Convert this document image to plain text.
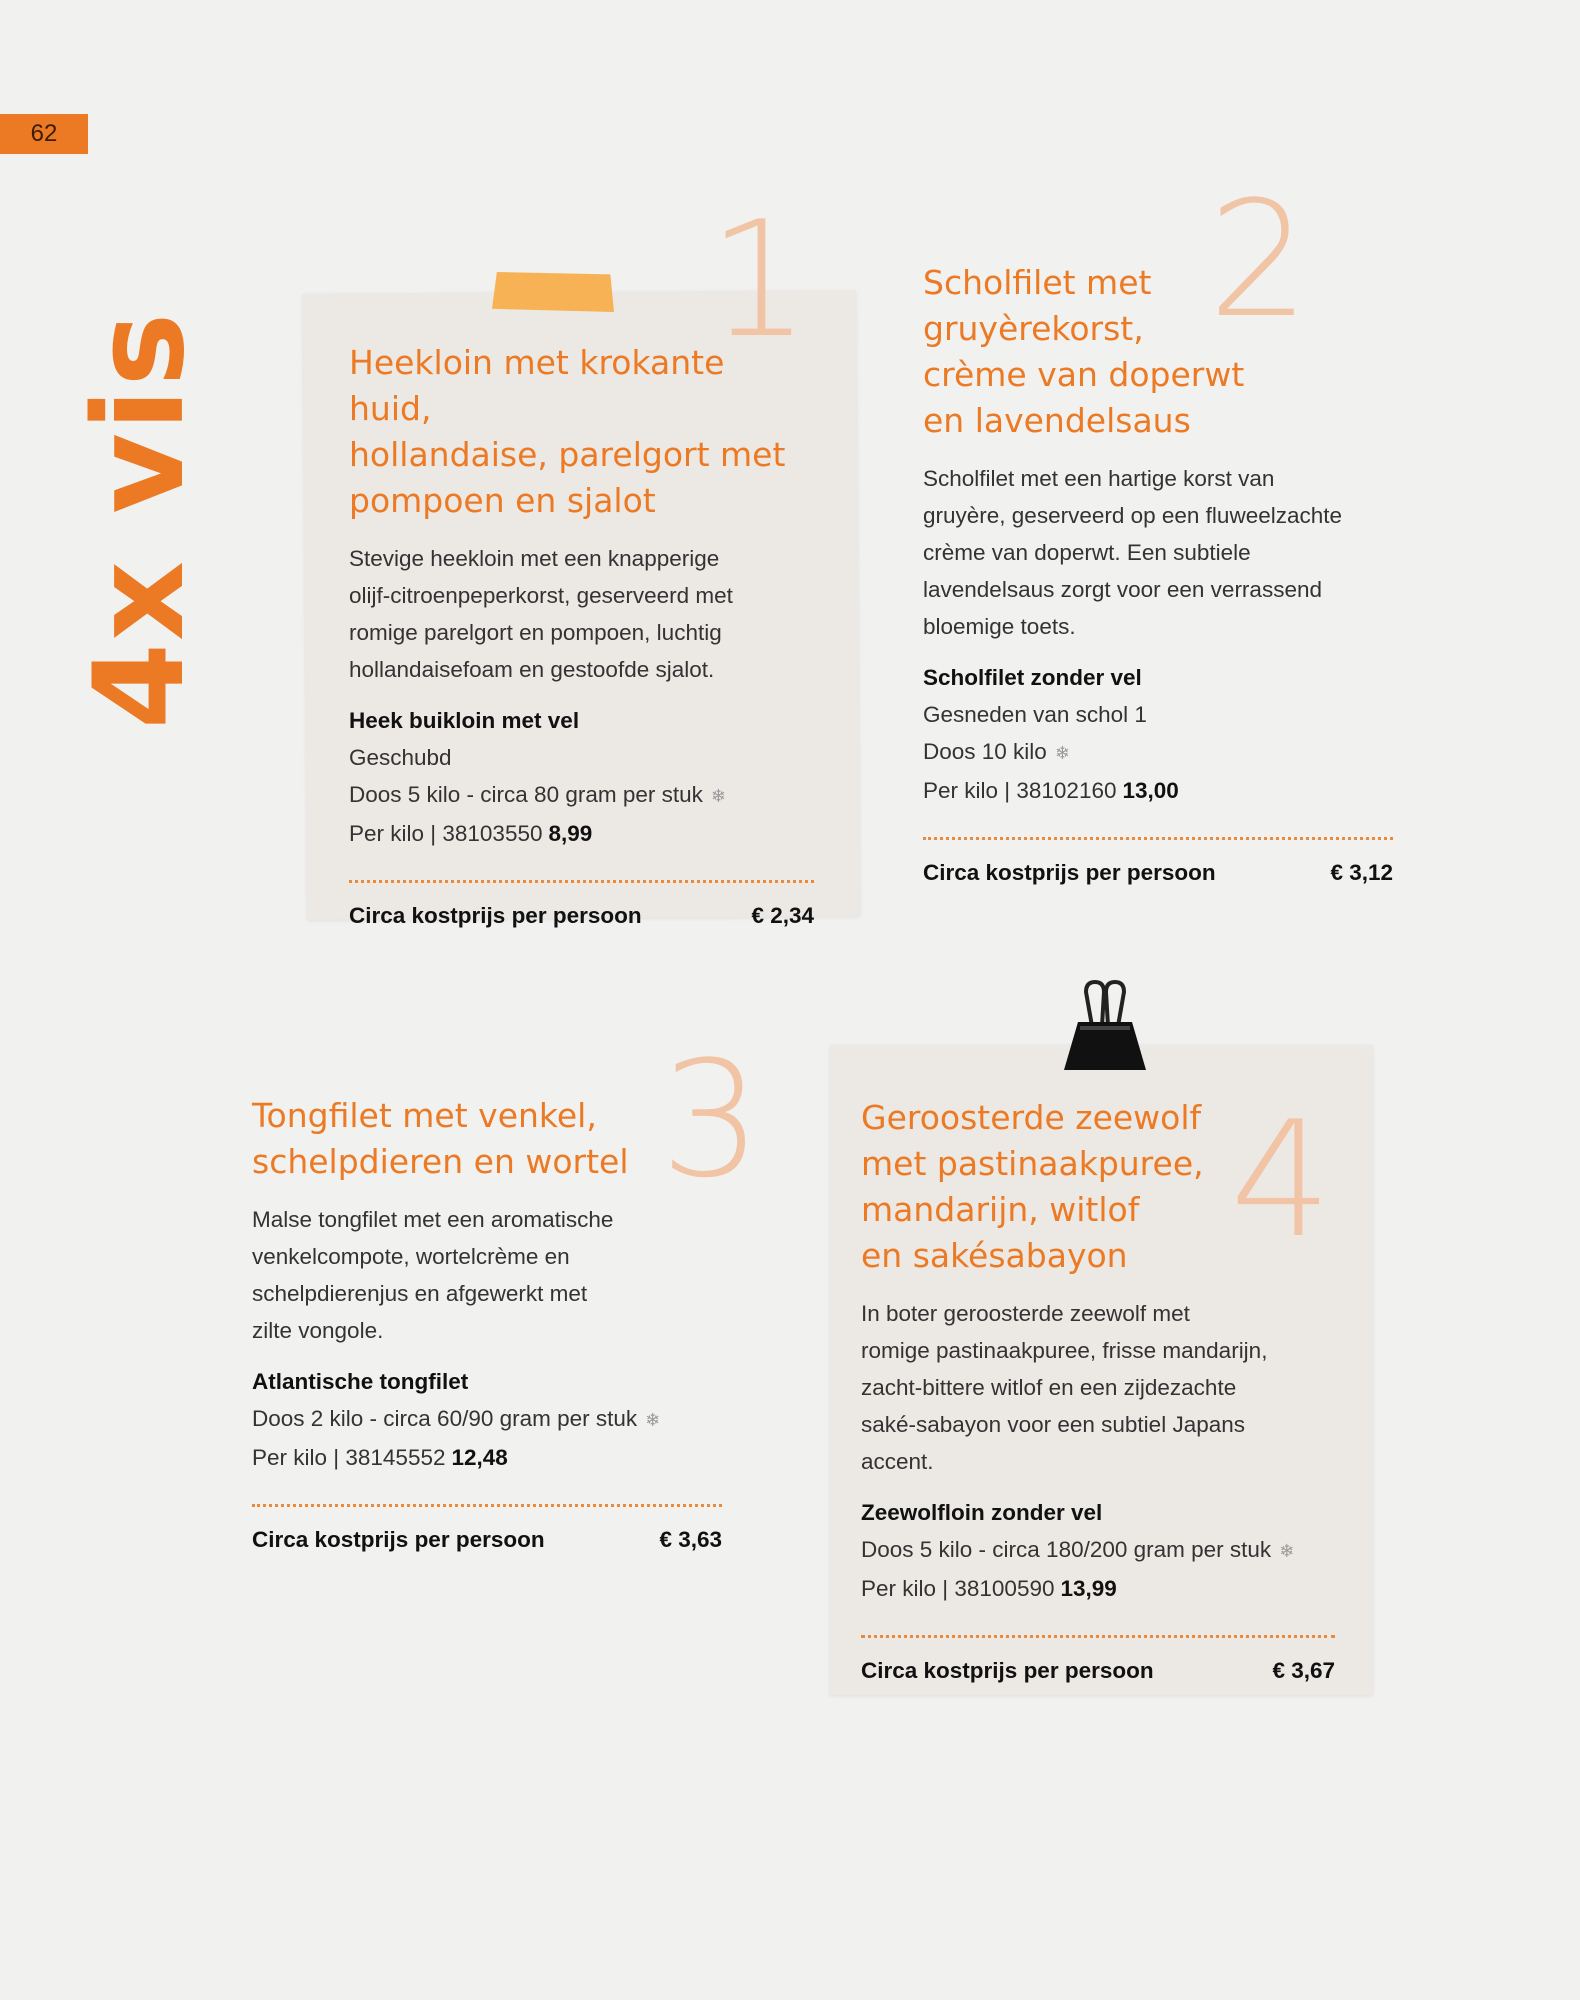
62
4x vis
1 2
3	4
Heekloin met krokante huid,
hollandaise, parelgort met
pompoen en sjalot
Stevige heekloin met een knapperige
olijf-citroenpeperkorst, geserveerd met
romige parelgort en pompoen, luchtig
hollandaisefoam en gestoofde sjalot.
Heek buikloin met vel
Geschubd
Doos 5 kilo - circa 80 gram per stuk ❄
Per kilo | 38103550 8,99
Circa kostprijs per persoon	€ 2,34
Scholfilet met
gruyèrekorst,
crème van doperwt
en lavendelsaus
Scholfilet met een hartige korst van
gruyère, geserveerd op een fluweelzachte
crème van doperwt. Een subtiele
lavendelsaus zorgt voor een verrassend
bloemige toets.
Scholfilet zonder vel
Gesneden van schol 1
Doos 10 kilo ❄
Per kilo | 38102160 13,00
Circa kostprijs per persoon	€ 3,12
Tongfilet met venkel,
schelpdieren en wortel
Malse tongfilet met een aromatische
venkelcompote, wortelcrème en
schelpdierenjus en afgewerkt met
zilte vongole.
Atlantische tongfilet
Doos 2 kilo - circa 60/90 gram per stuk ❄
Per kilo | 38145552 12,48
Circa kostprijs per persoon	€ 3,63
Geroosterde zeewolf
met pastinaakpuree,
mandarijn, witlof
en sakésabayon
In boter geroosterde zeewolf met
romige pastinaakpuree, frisse mandarijn,
zacht-bittere witlof en een zijdezachte
saké-sabayon voor een subtiel Japans
accent.
Zeewolfloin zonder vel
Doos 5 kilo - circa 180/200 gram per stuk ❄
Per kilo | 38100590 13,99
Circa kostprijs per persoon	€ 3,67
